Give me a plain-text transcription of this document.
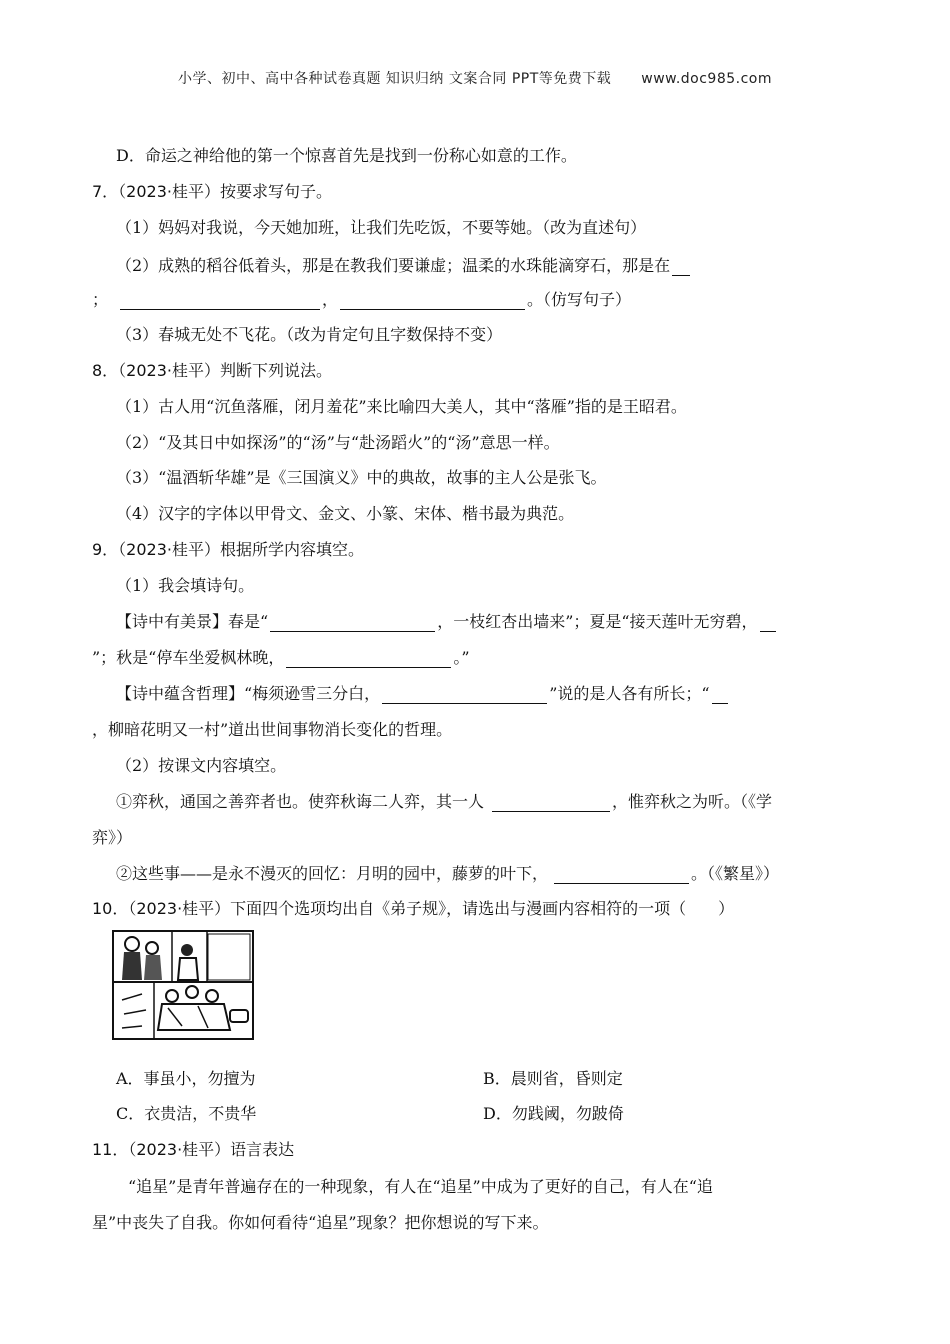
小学、初中、高中各种试卷真题 知识归纳 文案合同 PPT等免费下载 www.doc985.com
D．命运之神给他的第一个惊喜首先是找到一份称心如意的工作。
7．（2023·桂平）按要求写句子。
（1）妈妈对我说，今天她加班，让我们先吃饭，不要等她。（改为直述句）
（2）成熟的稻谷低着头，那是在教我们要谦虚；温柔的水珠能滴穿石，那是在
；	，	。（仿写句子）
（3）春城无处不飞花。（改为肯定句且字数保持不变）
8．（2023·桂平）判断下列说法。
（1）古人用“沉鱼落雁，闭月羞花”来比喻四大美人，其中“落雁”指的是王昭君。
（2）“及其日中如探汤”的“汤”与“赴汤蹈火”的“汤”意思一样。
（3）“温酒斩华雄”是《三国演义》中的典故，故事的主人公是张飞。
（4）汉字的字体以甲骨文、金文、小篆、宋体、楷书最为典范。
9．（2023·桂平）根据所学内容填空。
（1）我会填诗句。
【诗中有美景】春是“	，一枝红杏出墙来”；夏是“接天莲叶无穷碧，
”；秋是“停车坐爱枫林晚，	。”
【诗中蕴含哲理】“梅须逊雪三分白，	”说的是人各有所长；“
，柳暗花明又一村”道出世间事物消长变化的哲理。
（2）按课文内容填空。
①弈秋，通国之善弈者也。使弈秋诲二人弈，其一人	，惟弈秋之为听。（《学
弈》）
②这些事——是永不漫灭的回忆：月明的园中，藤萝的叶下，	。（《繁星》）
10．（2023·桂平）下面四个选项均出自《弟子规》，请选出与漫画内容相符的一项（　　）
A．事虽小，勿擅为	B．晨则省，昏则定
C．衣贵洁，不贵华	D．勿践阈，勿跛倚
11．（2023·桂平）语言表达
“追星”是青年普遍存在的一种现象，有人在“追星”中成为了更好的自己，有人在“追
星”中丧失了自我。你如何看待“追星”现象？把你想说的写下来。
